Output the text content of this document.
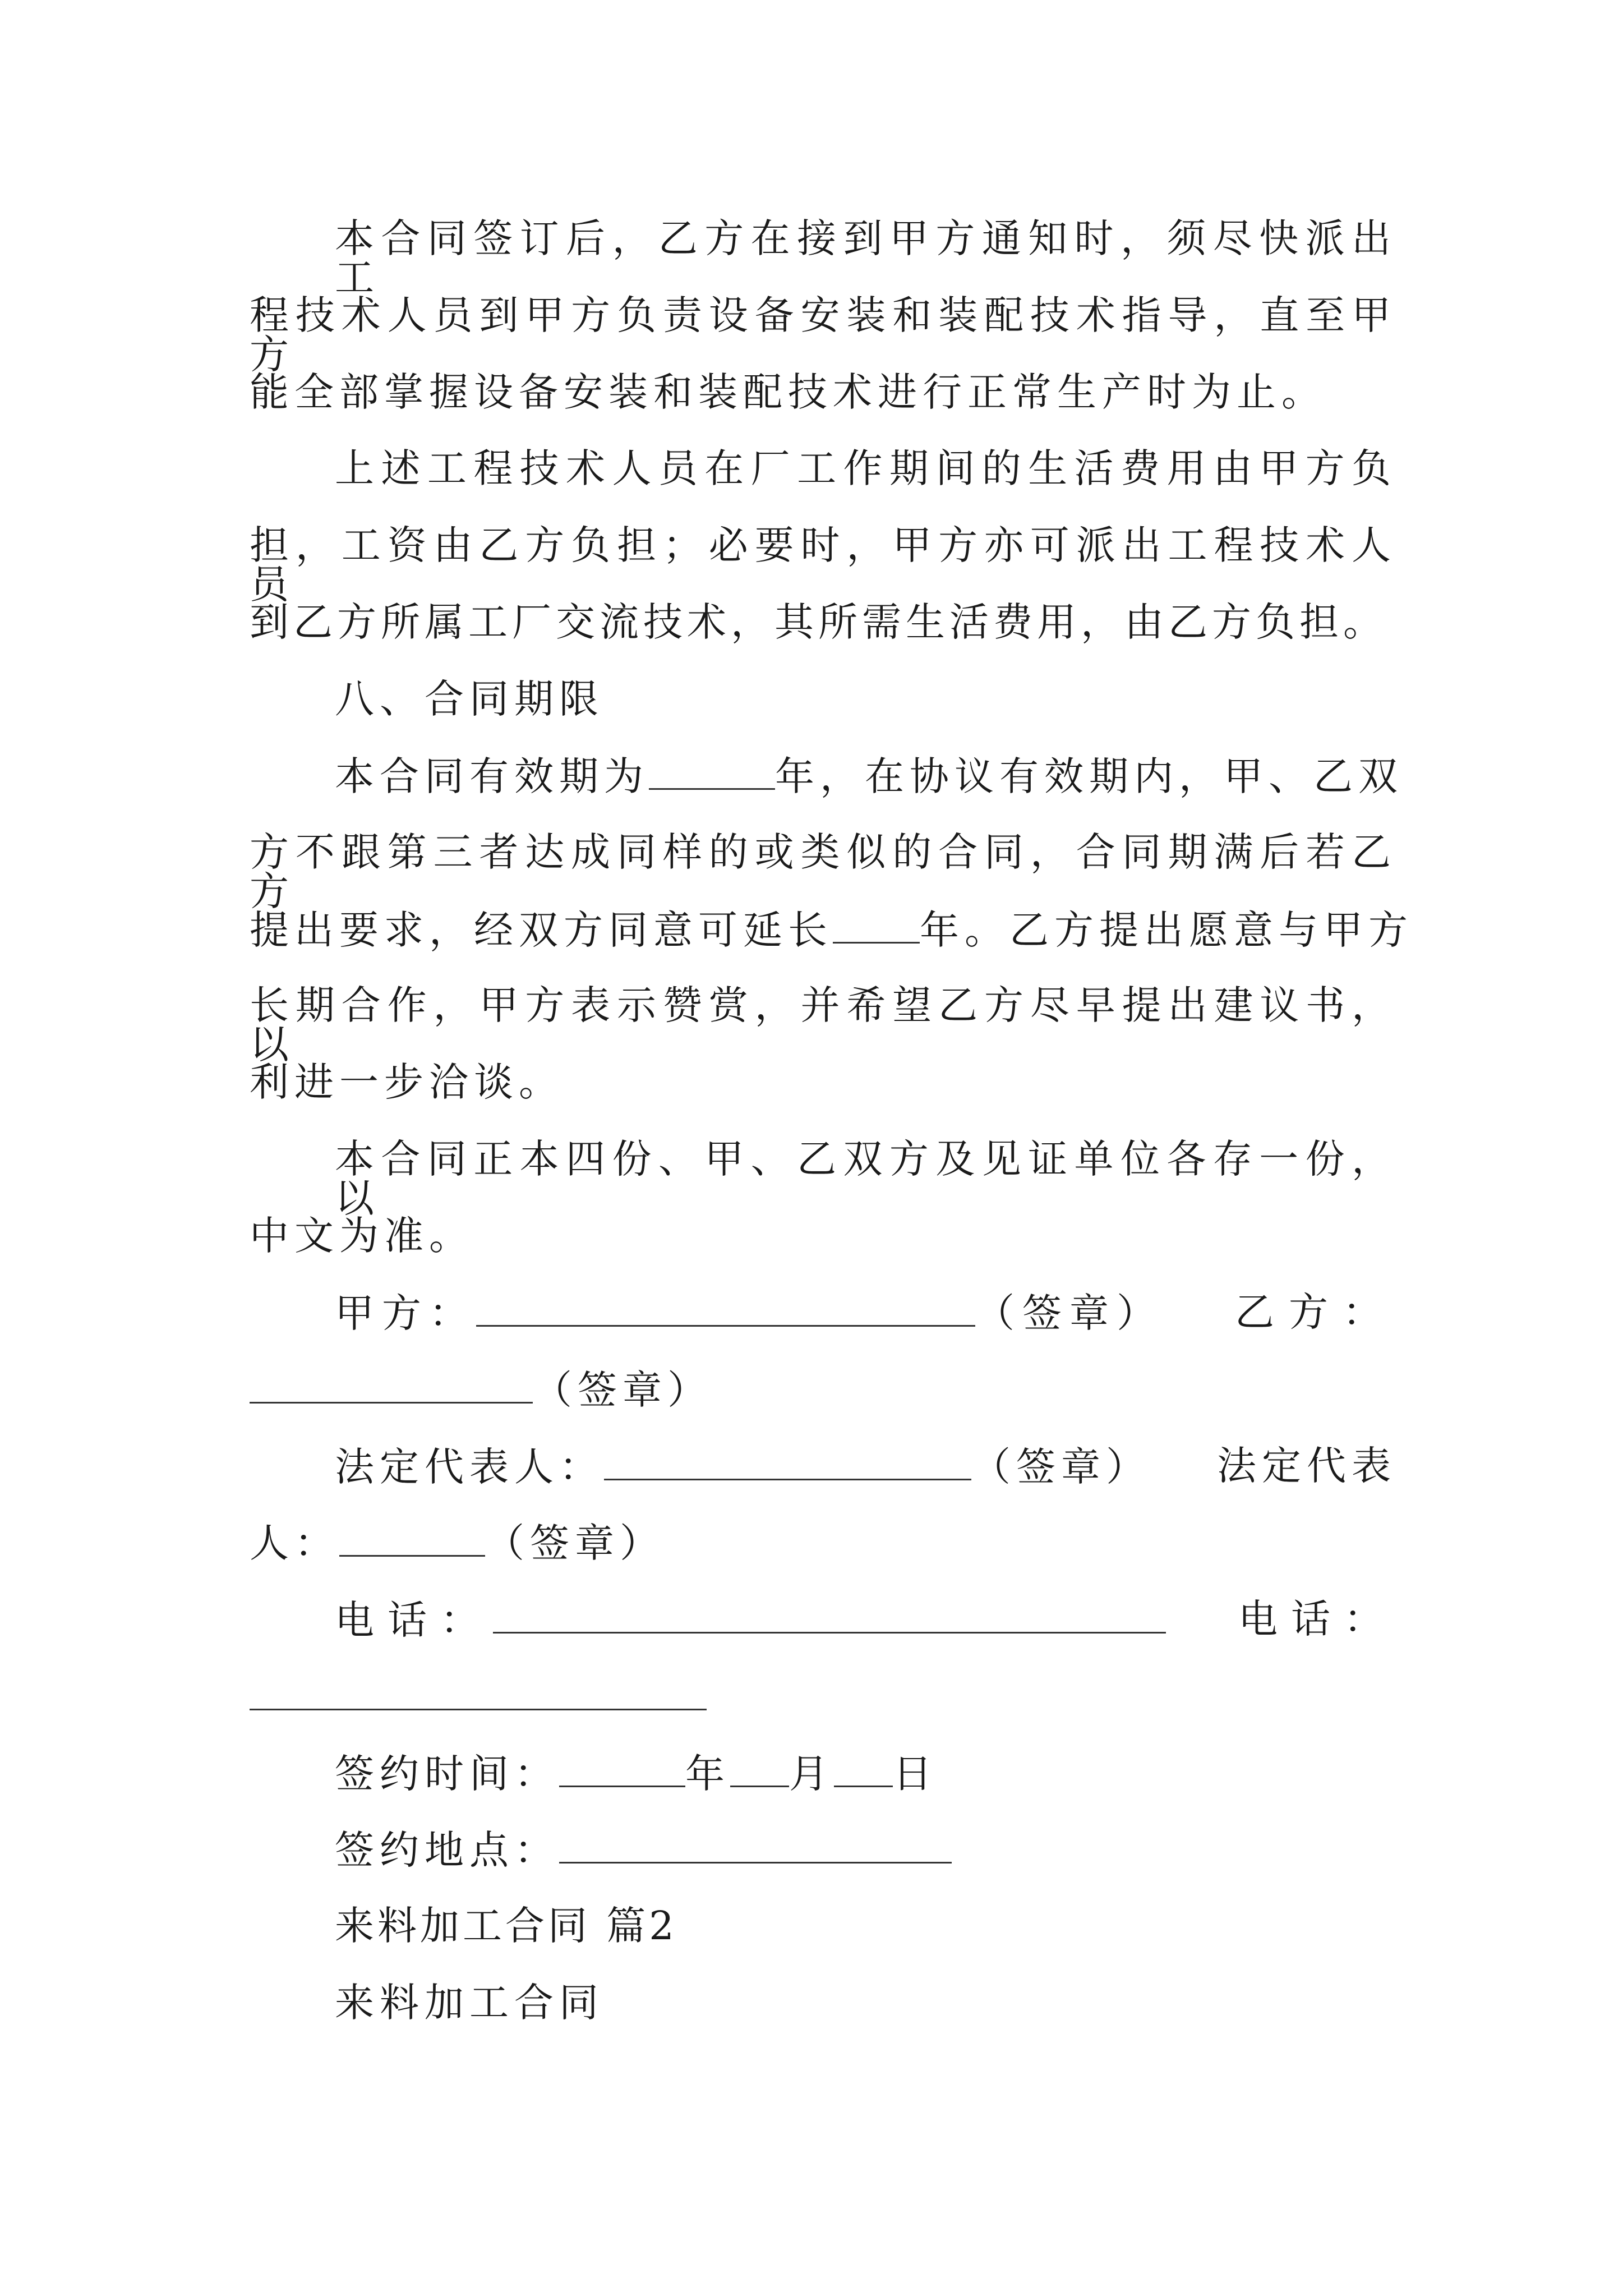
本合同签订后，乙方在接到甲方通知时，须尽快派出工
程技术人员到甲方负责设备安装和装配技术指导，直至甲方
能全部掌握设备安装和装配技术进行正常生产时为止。
上述工程技术人员在厂工作期间的生活费用由甲方负
担，工资由乙方负担；必要时，甲方亦可派出工程技术人员
到乙方所属工厂交流技术，其所需生活费用，由乙方负担。
八、合同期限
本合同有效期为	年，在协议有效期内，甲、乙双
方不跟第三者达成同样的或类似的合同，合同期满后若乙方
提出要求，经双方同意可延长 年。乙方提出愿意与甲方
长期合作，甲方表示赞赏，并希望乙方尽早提出建议书，以
利进一步洽谈。
本合同正本四份、甲、乙双方及见证单位各存一份，以
中文为准。
甲方：	（签章）	乙方：
（签章）
法定代表人：	（签章）	法定代表
人：	（签章）
电话：	电话：
签约时间：	年 月 日
签约地点：
来料加工合同 篇2
来料加工合同
